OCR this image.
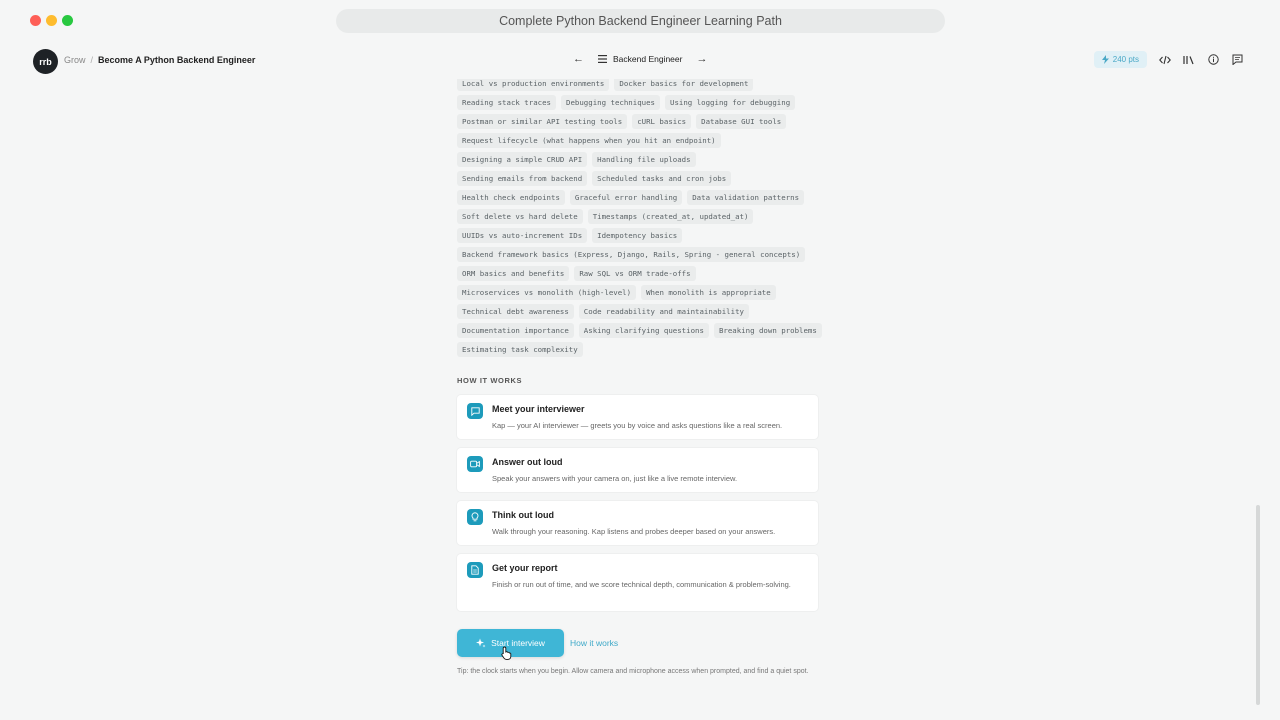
Complete Python Backend Engineer Learning Path
rrb Grow / Become A Python Backend Engineer	←	Backend Engineer →	240 pts
Local vs production environments	Docker basics for development
Reading stack traces	Debugging techniques	Using logging for debugging
Postman or similar API testing tools	cURL basics	Database GUI tools
Request lifecycle (what happens when you hit an endpoint)
Designing a simple CRUD API	Handling file uploads
Sending emails from backend	Scheduled tasks and cron jobs
Health check endpoints	Graceful error handling	Data validation patterns
Soft delete vs hard delete	Timestamps (created_at, updated_at)
UUIDs vs auto-increment IDs	Idempotency basics
Backend framework basics (Express, Django, Rails, Spring - general concepts)
ORM basics and benefits	Raw SQL vs ORM trade-offs
Microservices vs monolith (high-level)	When monolith is appropriate
Technical debt awareness	Code readability and maintainability
Documentation importance	Asking clarifying questions	Breaking down problems
Estimating task complexity
HOW IT WORKS
Meet your interviewer
Kap — your AI interviewer — greets you by voice and asks questions like a real screen.
Answer out loud
Speak your answers with your camera on, just like a live remote interview.
Think out loud
Walk through your reasoning. Kap listens and probes deeper based on your answers.
Get your report
Finish or run out of time, and we score technical depth, communication & problem-solving.
Start interview	How it works
Tip: the clock starts when you begin. Allow camera and microphone access when prompted, and find a quiet spot.
